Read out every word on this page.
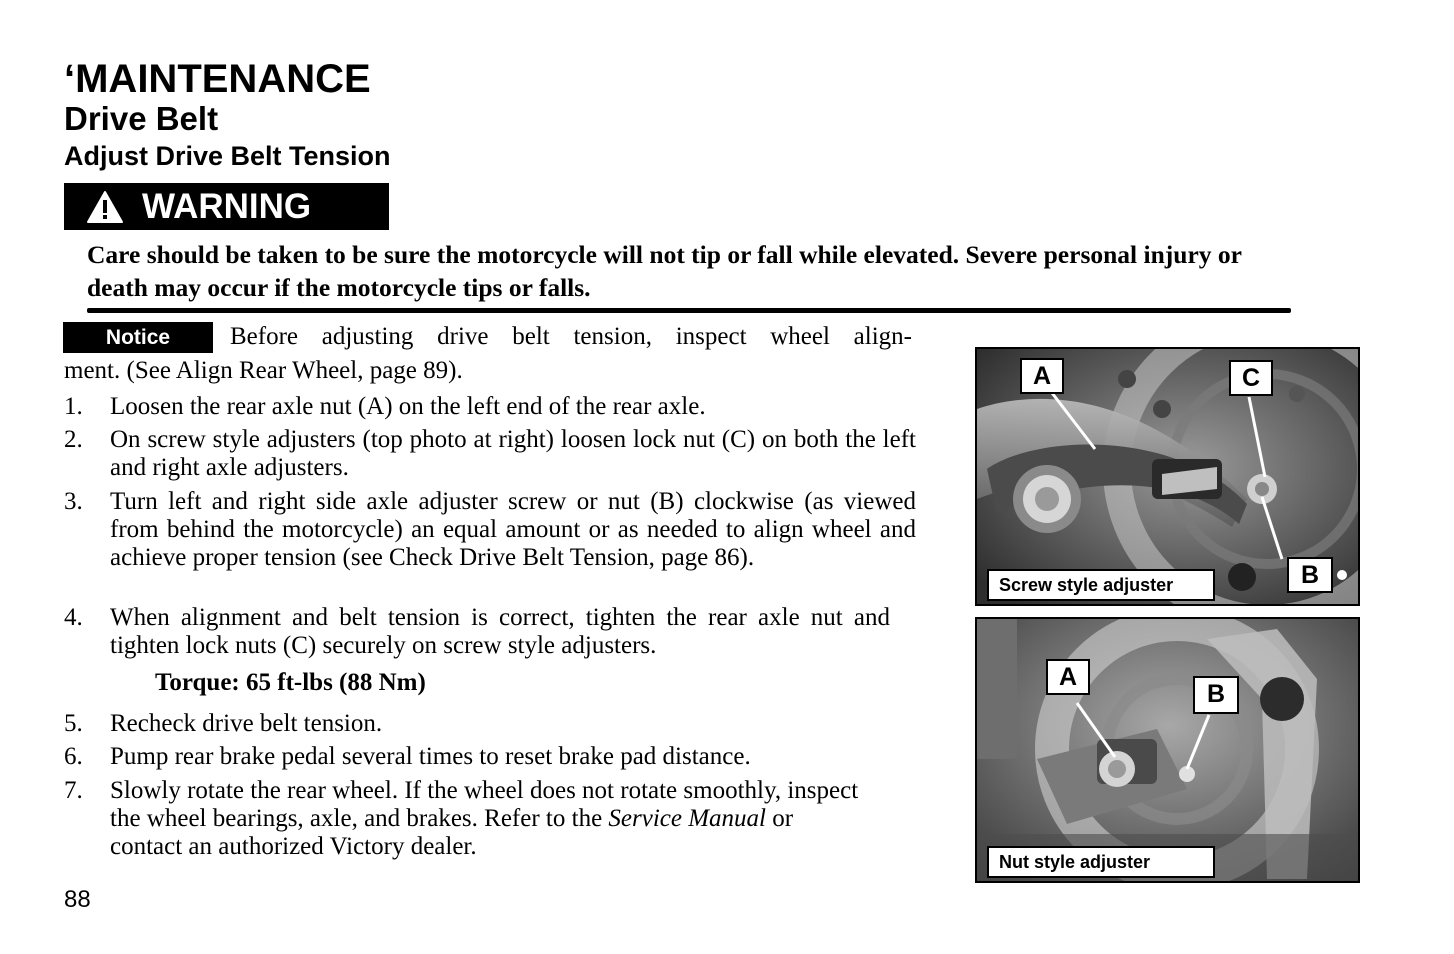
‘MAINTENANCE
Drive Belt
Adjust Drive Belt Tension
WARNING
Care should be taken to be sure the motorcycle will not tip or fall while elevated. Severe personal injury or death may occur if the motorcycle tips or falls.
Notice	Before adjusting drive belt tension, inspect wheel align-
ment. (See Align Rear Wheel, page 89).
1. Loosen the rear axle nut (A) on the left end of the rear axle.
2. On screw style adjusters (top photo at right) loosen lock nut (C) on both the left and right axle adjusters.
3. Turn left and right side axle adjuster screw or nut (B) clockwise (as viewed from behind the motorcycle) an equal amount or as needed to align wheel and achieve proper tension (see Check Drive Belt Tension, page 86).
4. When alignment and belt tension is correct, tighten the rear axle nut and tighten lock nuts (C) securely on screw style adjusters.
Torque: 65 ft-lbs (88 Nm)
5. Recheck drive belt tension.
6. Pump rear brake pedal several times to reset brake pad distance.
7. Slowly rotate the rear wheel. If the wheel does not rotate smoothly, inspect the wheel bearings, axle, and brakes. Refer to the Service Manual or contact an authorized Victory dealer.
88
A	C
B
Screw style adjuster
A
B
Nut style adjuster
